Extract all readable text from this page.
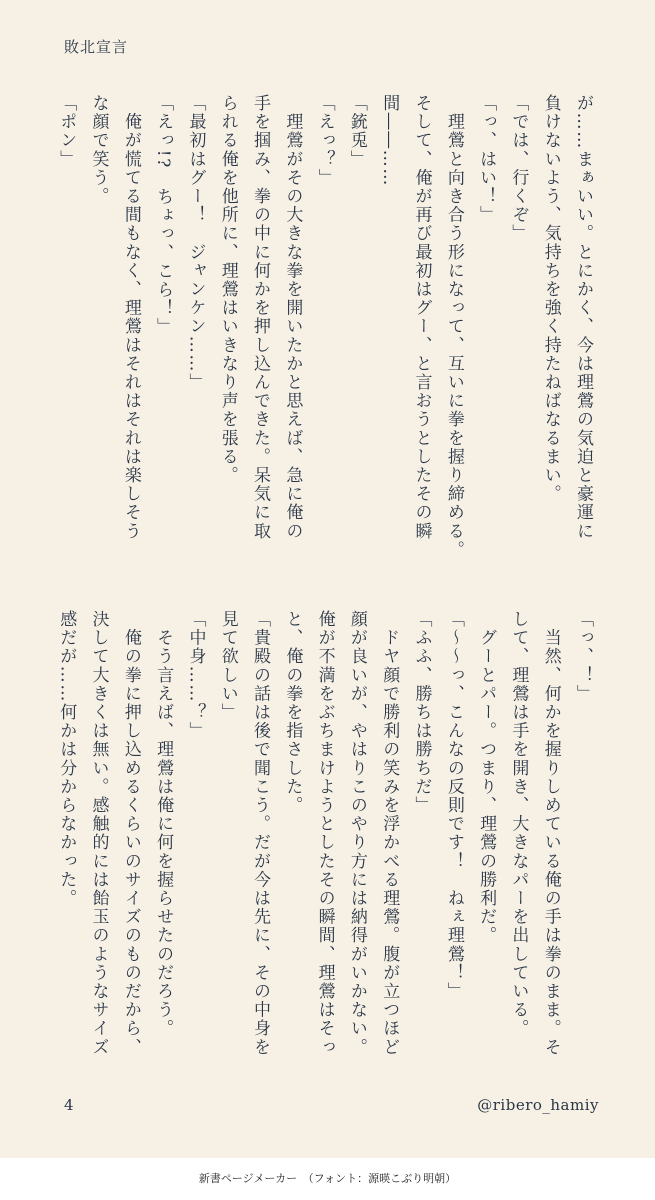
敗北宣言

が……まぁいい。とにかく、今は理鶯の気迫と豪運に

負けないよう、気持ちを強く持たねばなるまい。

「では、行くぞ」

「っ、はい！」

　理鶯と向き合う形になって、互いに拳を握り締める。

そして、俺が再び最初はグー、と言おうとしたその瞬

間――……

「銃兎」

「えっ？」

　理鶯がその大きな拳を開いたかと思えば、急に俺の

手を掴み、拳の中に何かを押し込んできた。呆気に取

られる俺を他所に、理鶯はいきなり声を張る。

「最初はグー！　ジャンケン……」

「えっ!?　ちょっ、こら！」

　俺が慌てる間もなく、理鶯はそれはそれは楽しそう

な顔で笑う。

「ポン」

「っ、！」

　当然、何かを握りしめている俺の手は拳のまま。そ

して、理鶯は手を開き、大きなパーを出している。

　グーとパー。つまり、理鶯の勝利だ。

「～～っ、こんなの反則です！　ねぇ理鶯！」

「ふふ、勝ちは勝ちだ」

　ドヤ顔で勝利の笑みを浮かべる理鶯。腹が立つほど

顔が良いが、やはりこのやり方には納得がいかない。

俺が不満をぶちまけようとしたその瞬間、理鶯はそっ

と、俺の拳を指さした。

「貴殿の話は後で聞こう。だが今は先に、その中身を

見て欲しい」

「中身……？」

　そう言えば、理鶯は俺に何を握らせたのだろう。

　俺の拳に押し込めるくらいのサイズのものだから、

決して大きくは無い。感触的には飴玉のようなサイズ

感だが……何かは分からなかった。

4	@ribero_hamiy
新書ページメーカー　（フォント：源暎こぶり明朝）
